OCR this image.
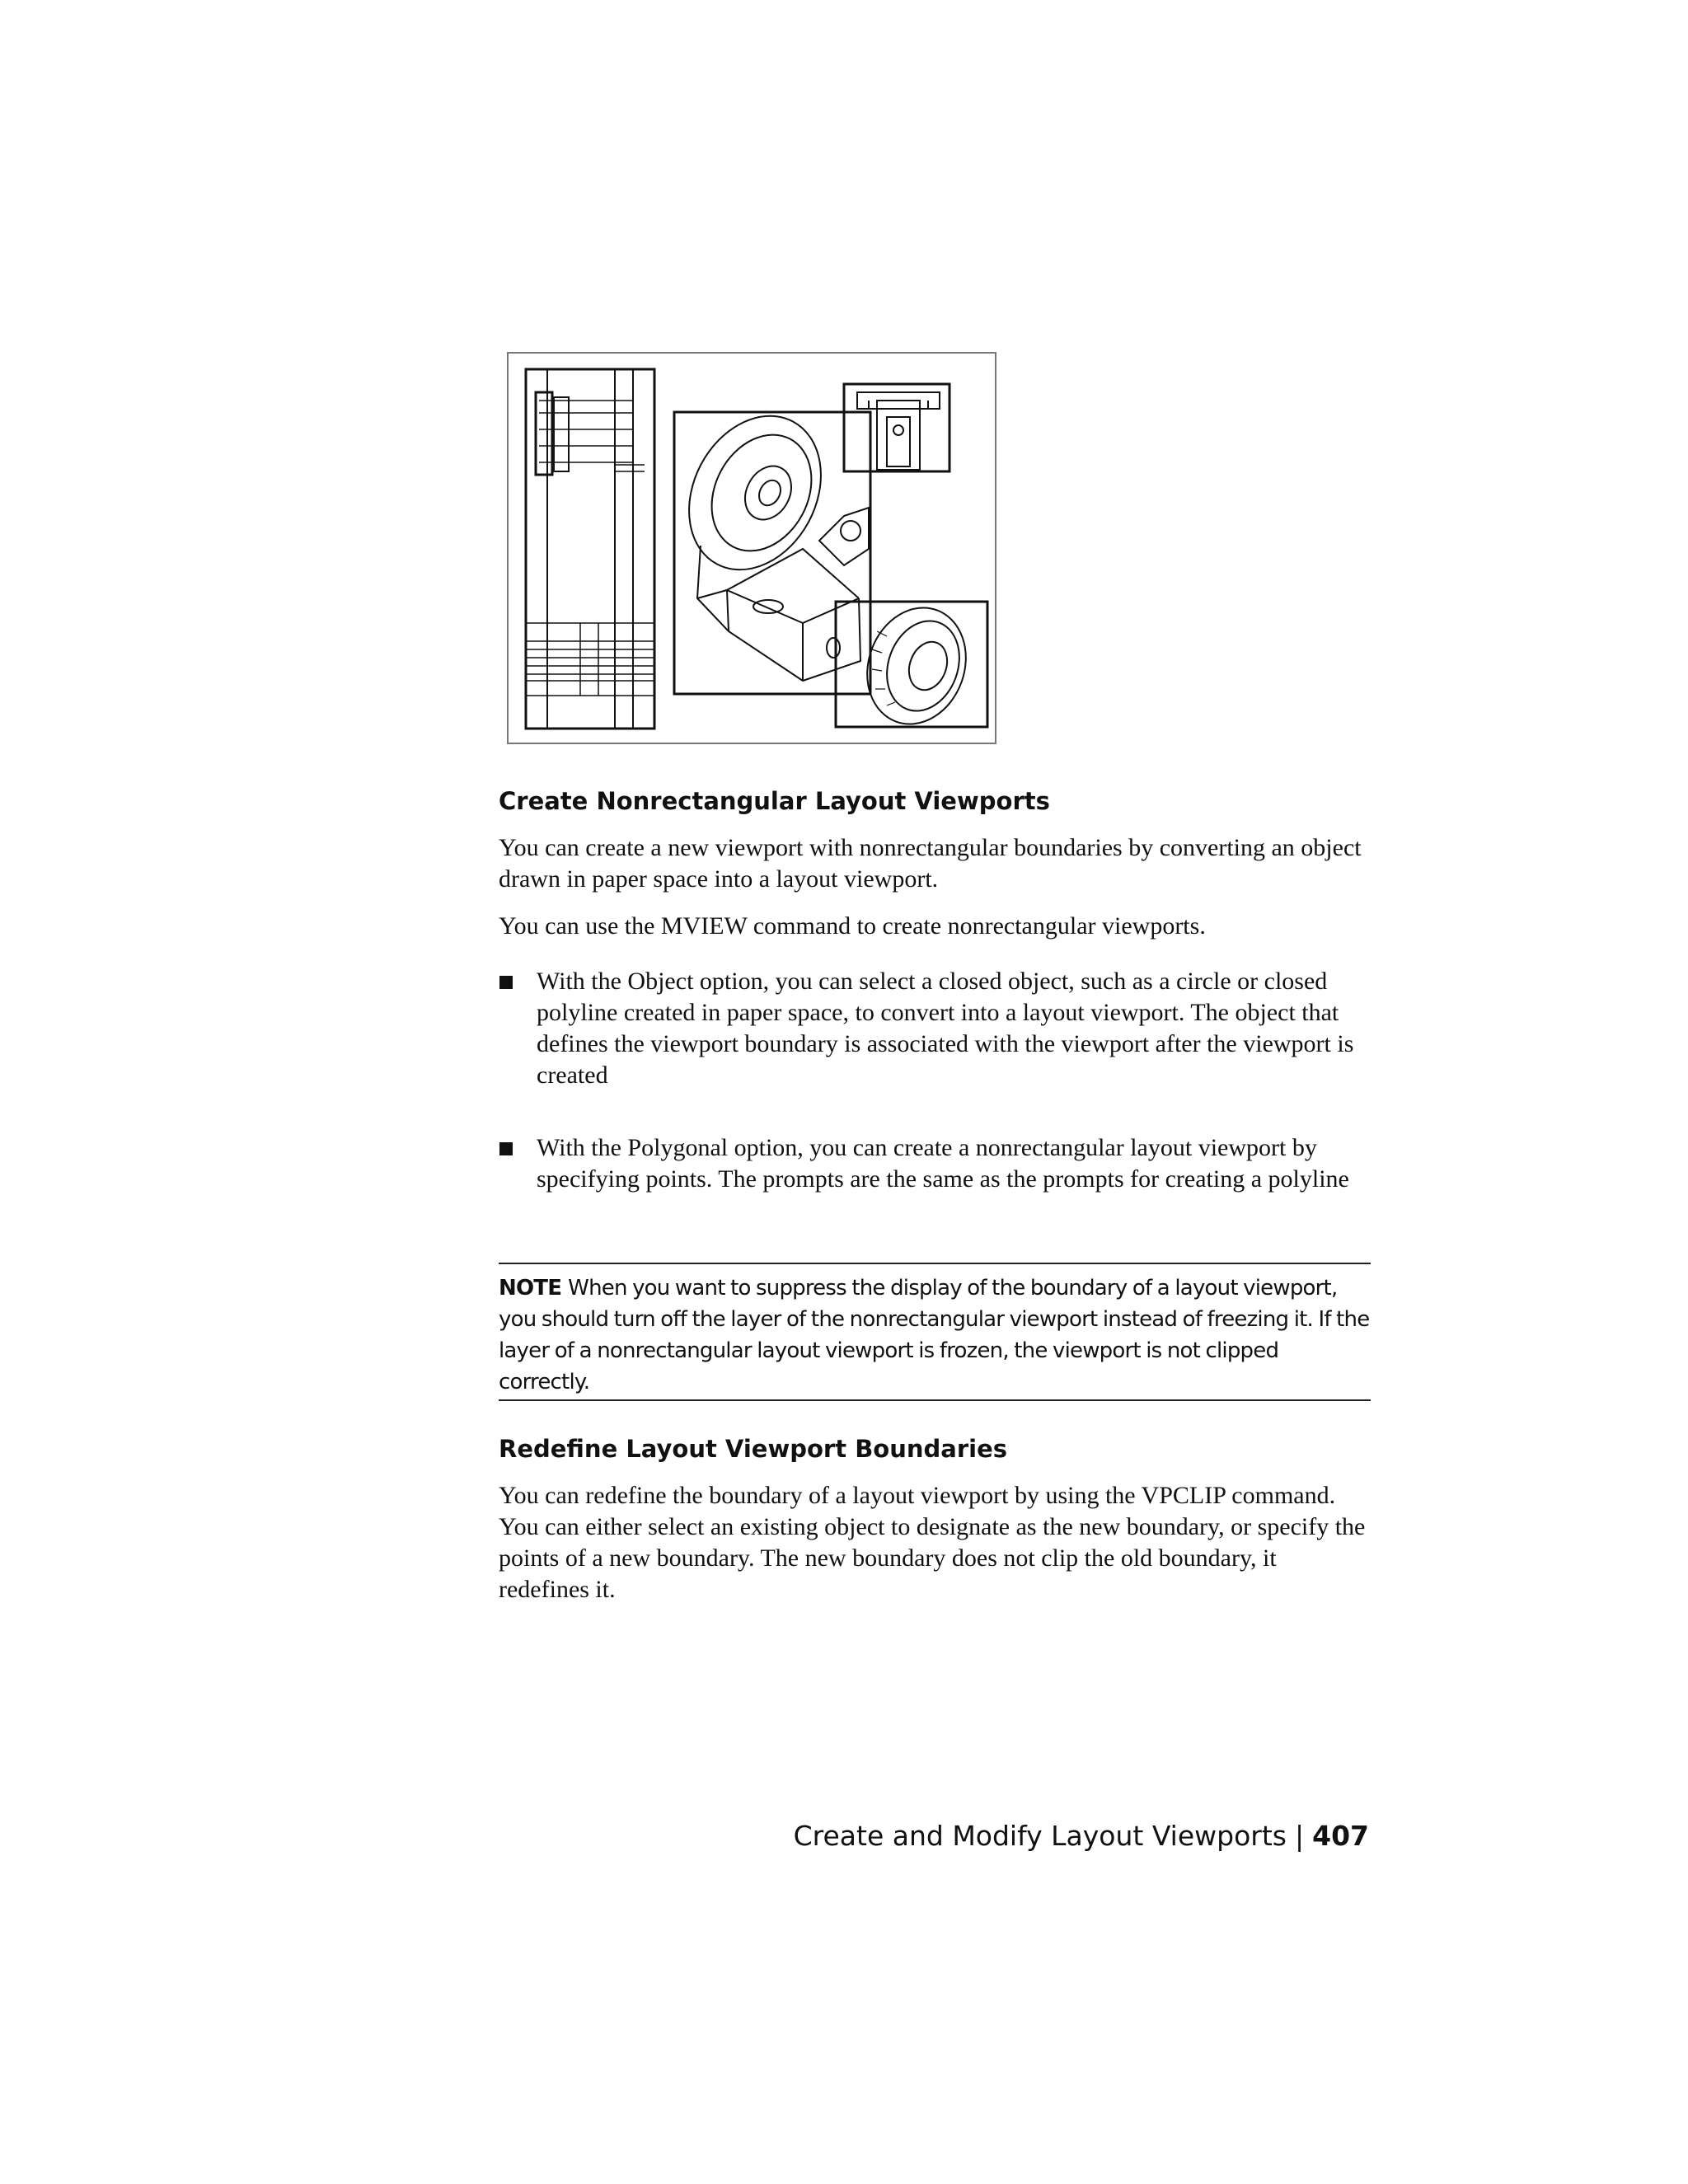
Create Nonrectangular Layout Viewports

You can create a new viewport with nonrectangular boundaries by converting an object drawn in paper space into a layout viewport.

You can use the MVIEW command to create nonrectangular viewports.

With the Object option, you can select a closed object, such as a circle or closed polyline created in paper space, to convert into a layout viewport. The object that defines the viewport boundary is associated with the viewport after the viewport is created

With the Polygonal option, you can create a nonrectangular layout viewport by specifying points. The prompts are the same as the prompts for creating a polyline

NOTE When you want to suppress the display of the boundary of a layout viewport, you should turn off the layer of the nonrectangular viewport instead of freezing it. If the layer of a nonrectangular layout viewport is frozen, the viewport is not clipped correctly.

Redefine Layout Viewport Boundaries

You can redefine the boundary of a layout viewport by using the VPCLIP command. You can either select an existing object to designate as the new boundary, or specify the points of a new boundary. The new boundary does not clip the old boundary, it redefines it.

Create and Modify Layout Viewports | 407
